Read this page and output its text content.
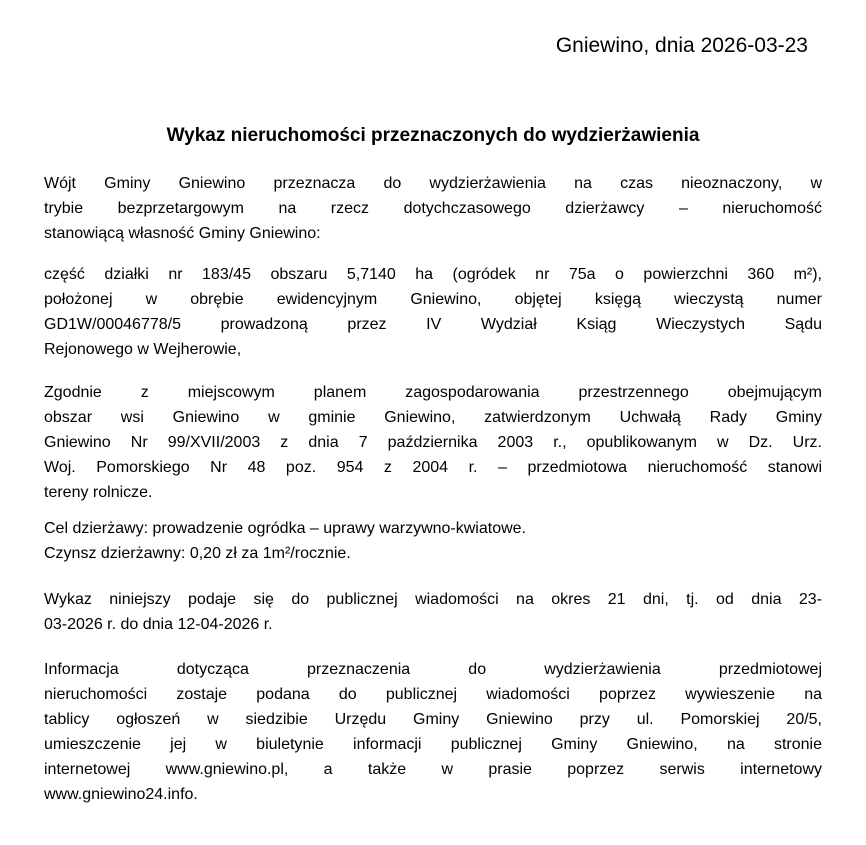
Gniewino, dnia 2026-03-23
Wykaz nieruchomości przeznaczonych do wydzierżawienia
Wójt Gminy Gniewino przeznacza do wydzierżawienia na czas nieoznaczony, w
trybie bezprzetargowym na rzecz dotychczasowego dzierżawcy – nieruchomość
stanowiącą własność Gminy Gniewino:
część działki nr 183/45 obszaru 5,7140 ha (ogródek nr 75a o powierzchni 360 m²),
położonej w obrębie ewidencyjnym Gniewino, objętej księgą wieczystą numer
GD1W/00046778/5 prowadzoną przez IV Wydział Ksiąg Wieczystych Sądu
Rejonowego w Wejherowie,
Zgodnie z miejscowym planem zagospodarowania przestrzennego obejmującym
obszar wsi Gniewino w gminie Gniewino, zatwierdzonym Uchwałą Rady Gminy
Gniewino Nr 99/XVII/2003 z dnia 7 października 2003 r., opublikowanym w Dz. Urz.
Woj. Pomorskiego Nr 48 poz. 954 z 2004 r. – przedmiotowa nieruchomość stanowi
tereny rolnicze.
Cel dzierżawy: prowadzenie ogródka – uprawy warzywno-kwiatowe.
Czynsz dzierżawny: 0,20 zł za 1m²/rocznie.
Wykaz niniejszy podaje się do publicznej wiadomości na okres 21 dni, tj. od dnia 23-
03-2026 r. do dnia 12-04-2026 r.
Informacja dotycząca przeznaczenia do wydzierżawienia przedmiotowej
nieruchomości zostaje podana do publicznej wiadomości poprzez wywieszenie na
tablicy ogłoszeń w siedzibie Urzędu Gminy Gniewino przy ul. Pomorskiej 20/5,
umieszczenie jej w biuletynie informacji publicznej Gminy Gniewino, na stronie
internetowej www.gniewino.pl, a także w prasie poprzez serwis internetowy
www.gniewino24.info.
